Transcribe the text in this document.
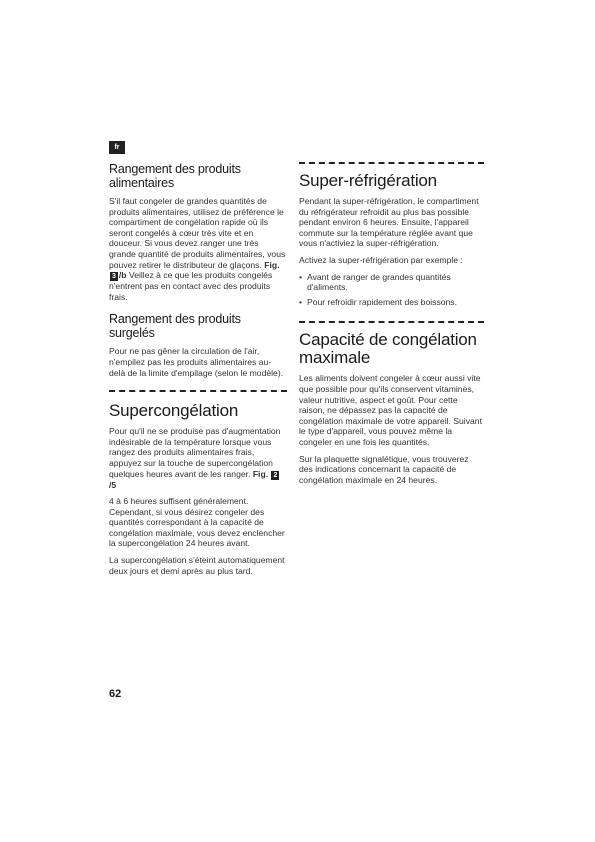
fr
Rangement des produits alimentaires

S'il faut congeler de grandes quantités de produits alimentaires, utilisez de préférence le compartiment de congélation rapide où ils seront congelés à cœur très vite et en douceur. Si vous devez ranger une très grande quantité de produits alimentaires, vous pouvez retirer le distributeur de glaçons. Fig. 3 /b Veillez à ce que les produits congelés n'entrent pas en contact avec des produits frais.

Rangement des produits surgelés

Pour ne pas gêner la circulation de l'air, n'empilez pas les produits alimentaires au-delà de la limite d'empilage (selon le modèle).

Supercongélation

Pour qu'il ne se produise pas d'augmentation indésirable de la température lorsque vous rangez des produits alimentaires frais, appuyez sur la touche de supercongélation quelques heures avant de les ranger. Fig. 2/5

4 à 6 heures suffisent généralement. Cependant, si vous désirez congeler des quantités correspondant à la capacité de congélation maximale, vous devez enclencher la supercongélation 24 heures avant.

La supercongélation s'éteint automatiquement deux jours et demi après au plus tard.

Super-réfrigération

Pendant la super-réfrigération, le compartiment du réfrigérateur refroidit au plus bas possible pendant environ 6 heures. Ensuite, l'appareil commute sur la température réglée avant que vous n'activiez la super-réfrigération.

Activez la super-réfrigération par exemple :

• Avant de ranger de grandes quantités d'aliments.
• Pour refroidir rapidement des boissons.
Capacité de congélation maximale

Les aliments doivent congeler à cœur aussi vite que possible pour qu'ils conservent vitamines, valeur nutritive, aspect et goût. Pour cette raison, ne dépassez pas la capacité de congélation maximale de votre appareil. Suivant le type d'appareil, vous pouvez même la congeler en une fois les quantités.

Sur la plaquette signalétique, vous trouverez des indications concernant la capacité de congélation maximale en 24 heures.

62
